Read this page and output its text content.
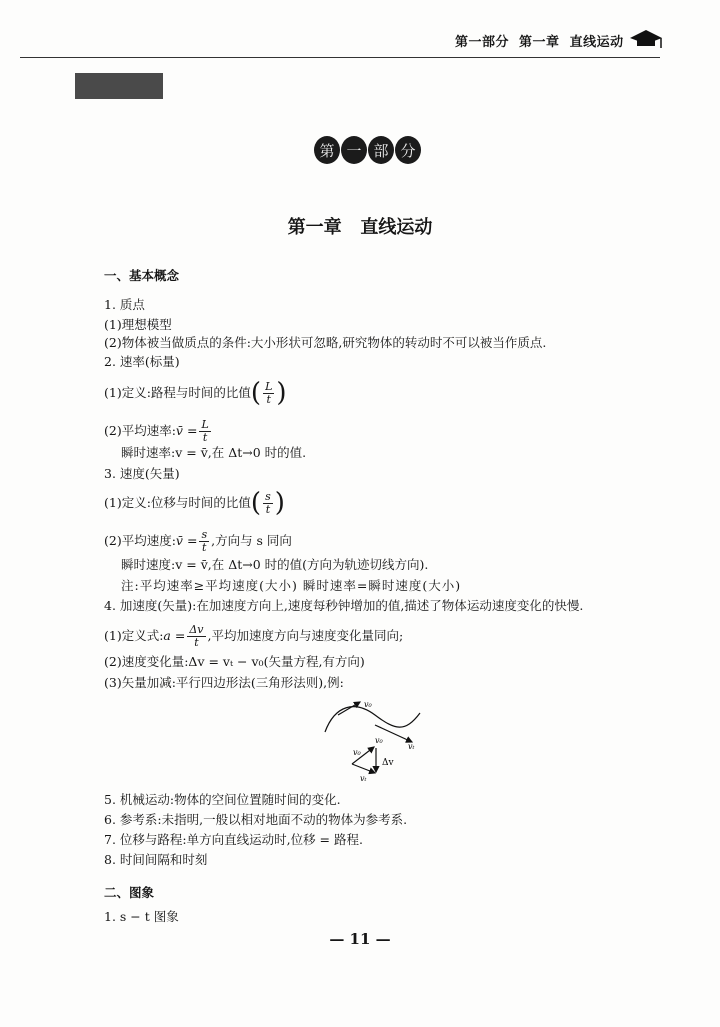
第一部分  第一章  直线运动
第 一 部 分
第一章   直线运动
一、基本概念
1. 质点
(1)理想模型
(2)物体被当做质点的条件:大小形状可忽略,研究物体的转动时不可以被当作质点.
2. 速率(标量)
(1)定义:路程与时间的比值 ( $\frac{L}{t}$ )
(2)平均速率: v̄ = $\frac{L}{t}$
瞬时速率:v = v̄,在 Δt→0 时的值.
3. 速度(矢量)
(1)定义:位移与时间的比值 ( $\frac{s}{t}$ )
(2)平均速度: v̄ = $\frac{s}{t}$ ,方向与 s 同向
瞬时速度:v = v̄,在 Δt→0 时的值(方向为轨迹切线方向).
注:平均速率≥平均速度(大小) 瞬时速率=瞬时速度(大小)
4. 加速度(矢量):在加速度方向上,速度每秒钟增加的值,描述了物体运动速度变化的快慢.
(1)定义式: $a = \frac{\Delta v}{t}$ ,平均加速度方向与速度变化量同向;
(2)速度变化量:Δv = vₜ − v₀(矢量方程,有方向)
(3)矢量加减:平行四边形法(三角形法则),例:
v₀
vₜ
v₀
v₀
Δv
vₜ
5. 机械运动:物体的空间位置随时间的变化.
6. 参考系:未指明,一般以相对地面不动的物体为参考系.
7. 位移与路程:单方向直线运动时,位移 = 路程.
8. 时间间隔和时刻
二、图象
1. s − t 图象
— 11 —
